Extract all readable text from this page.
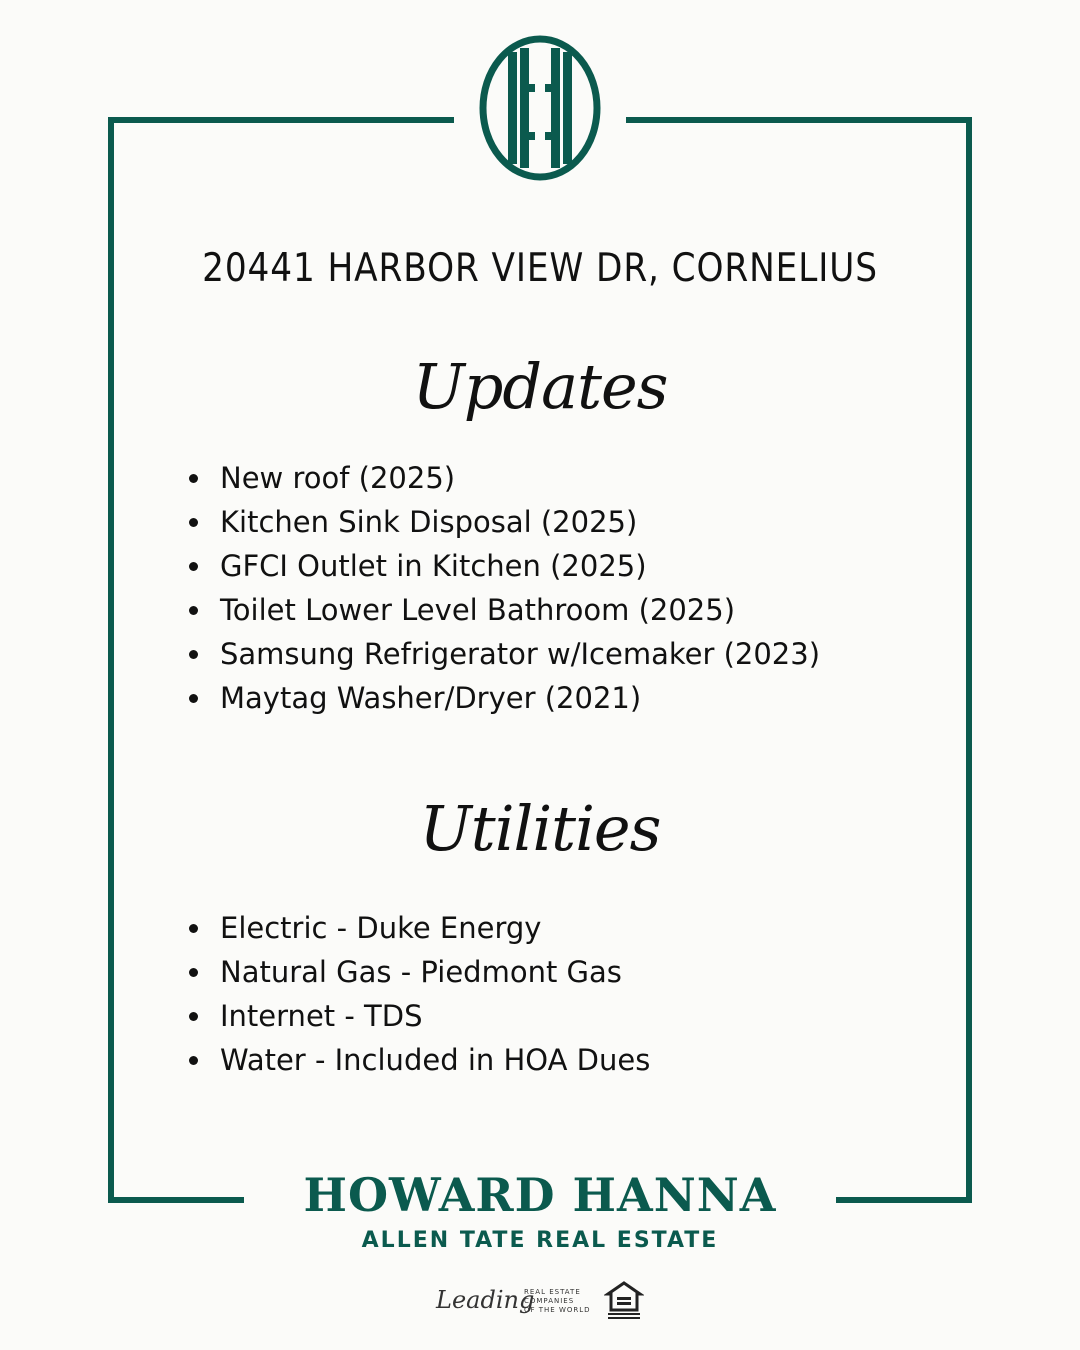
20441 HARBOR VIEW DR, CORNELIUS
Updates
New roof (2025)
Kitchen Sink Disposal (2025)
GFCI Outlet in Kitchen (2025)
Toilet Lower Level Bathroom (2025)
Samsung Refrigerator w/Icemaker (2023)
Maytag Washer/Dryer (2021)
Utilities
Electric - Duke Energy
Natural Gas - Piedmont Gas
Internet - TDS
Water - Included in HOA Dues
HOWARD HANNA
ALLEN TATE REAL ESTATE
Leading
REAL ESTATE
COMPANIES
OF THE WORLD
